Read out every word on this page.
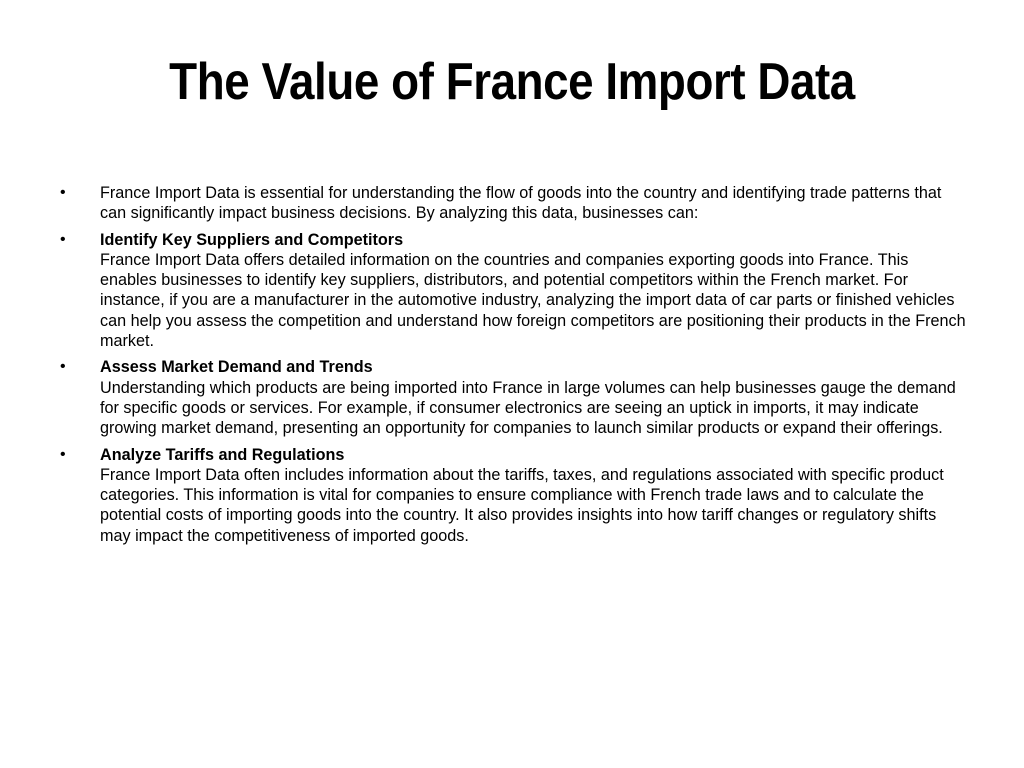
The Value of France Import Data
•	France Import Data is essential for understanding the flow of goods into the country and identifying trade patterns that can significantly impact business decisions. By analyzing this data, businesses can:
•	Identify Key Suppliers and Competitors
France Import Data offers detailed information on the countries and companies exporting goods into France. This enables businesses to identify key suppliers, distributors, and potential competitors within the French market. For instance, if you are a manufacturer in the automotive industry, analyzing the import data of car parts or finished vehicles can help you assess the competition and understand how foreign competitors are positioning their products in the French market.
•	Assess Market Demand and Trends
Understanding which products are being imported into France in large volumes can help businesses gauge the demand for specific goods or services. For example, if consumer electronics are seeing an uptick in imports, it may indicate growing market demand, presenting an opportunity for companies to launch similar products or expand their offerings.
•	Analyze Tariffs and Regulations
France Import Data often includes information about the tariffs, taxes, and regulations associated with specific product categories. This information is vital for companies to ensure compliance with French trade laws and to calculate the potential costs of importing goods into the country. It also provides insights into how tariff changes or regulatory shifts may impact the competitiveness of imported goods.
